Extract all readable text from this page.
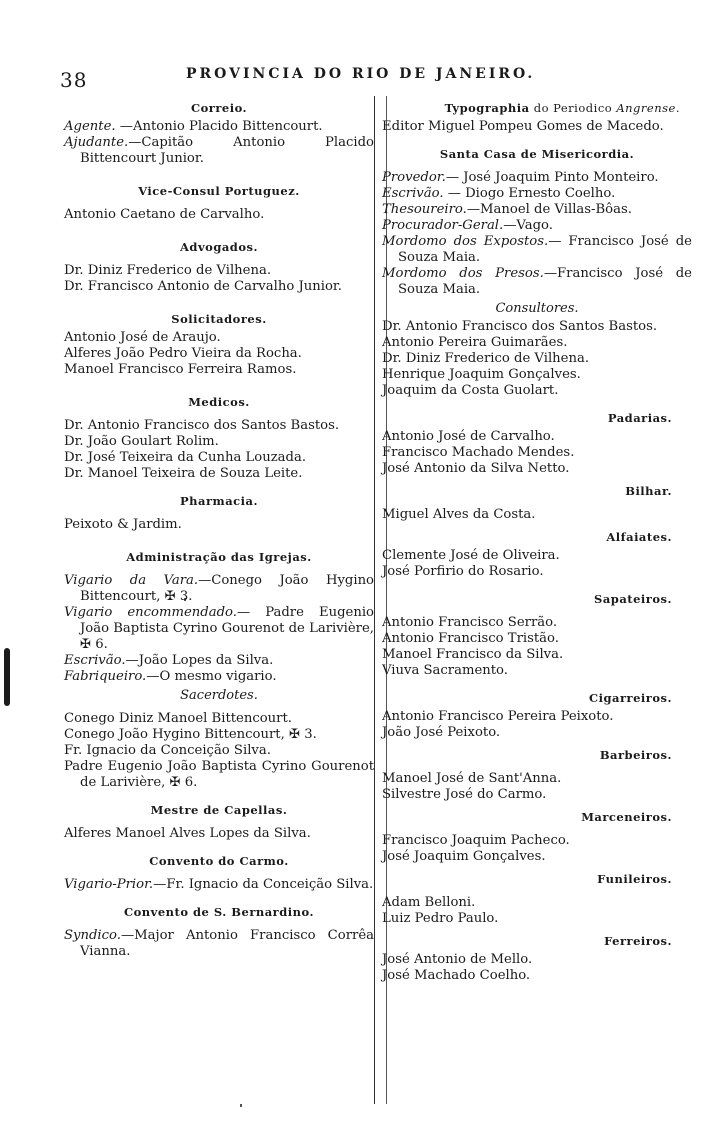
38	PROVINCIA DO RIO DE JANEIRO.
Correio.

Agente. —Antonio Placido Bittencourt.

Ajudante.—Capitão Antonio Placido Bittencourt Junior.

Vice-Consul Portuguez.

Antonio Caetano de Carvalho.

Advogados.

Dr. Diniz Frederico de Vilhena.

Dr. Francisco Antonio de Carvalho Junior.

Solicitadores.

Antonio José de Araujo.

Alferes João Pedro Vieira da Rocha.

Manoel Francisco Ferreira Ramos.

Medicos.

Dr. Antonio Francisco dos Santos Bastos.

Dr. João Goulart Rolim.

Dr. José Teixeira da Cunha Louzada.

Dr. Manoel Teixeira de Souza Leite.

Pharmacia.

Peixoto & Jardim.

Administração das Igrejas.

Vigario da Vara.—Conego João Hygino Bittencourt, ✠ 3.

Vigario encommendado.— Padre Eugenio João Baptista Cyrino Gourenot de Larivière, ✠ 6.

Escrivão.—João Lopes da Silva.

Fabriqueiro.—O mesmo vigario.

Sacerdotes.

Conego Diniz Manoel Bittencourt.

Conego João Hygino Bittencourt, ✠ 3.

Fr. Ignacio da Conceição Silva.

Padre Eugenio João Baptista Cyrino Gourenot de Larivière, ✠ 6.

Mestre de Capellas.

Alferes Manoel Alves Lopes da Silva.

Convento do Carmo.

Vigario-Prior.—Fr. Ignacio da Conceição Silva.

Convento de S. Bernardino.

Syndico.—Major Antonio Francisco Corrêa Vianna.

Typographia do Periodico Angrense.

Editor Miguel Pompeu Gomes de Macedo.

Santa Casa de Misericordia.

Provedor.— José Joaquim Pinto Monteiro.

Escrivão. — Diogo Ernesto Coelho.

Thesoureiro.—Manoel de Villas-Bôas.

Procurador-Geral.—Vago.

Mordomo dos Expostos.— Francisco José de Souza Maia.

Mordomo dos Presos.—Francisco José de Souza Maia.

Consultores.

Dr. Antonio Francisco dos Santos Bastos.

Antonio Pereira Guimarães.

Dr. Diniz Frederico de Vilhena.

Henrique Joaquim Gonçalves.

Joaquim da Costa Guolart.

Padarias.

Antonio José de Carvalho.

Francisco Machado Mendes.

José Antonio da Silva Netto.

Bilhar.

Miguel Alves da Costa.

Alfaiates.

Clemente José de Oliveira.

José Porfirio do Rosario.

Sapateiros.

Antonio Francisco Serrão.

Antonio Francisco Tristão.

Manoel Francisco da Silva.

Viuva Sacramento.

Cigarreiros.

Antonio Francisco Pereira Peixoto.

João José Peixoto.

Barbeiros.

Manoel José de Sant'Anna.

Silvestre José do Carmo.

Marceneiros.

Francisco Joaquim Pacheco.

José Joaquim Gonçalves.

Funileiros.

Adam Belloni.

Luiz Pedro Paulo.

Ferreiros.

José Antonio de Mello.

José Machado Coelho.
